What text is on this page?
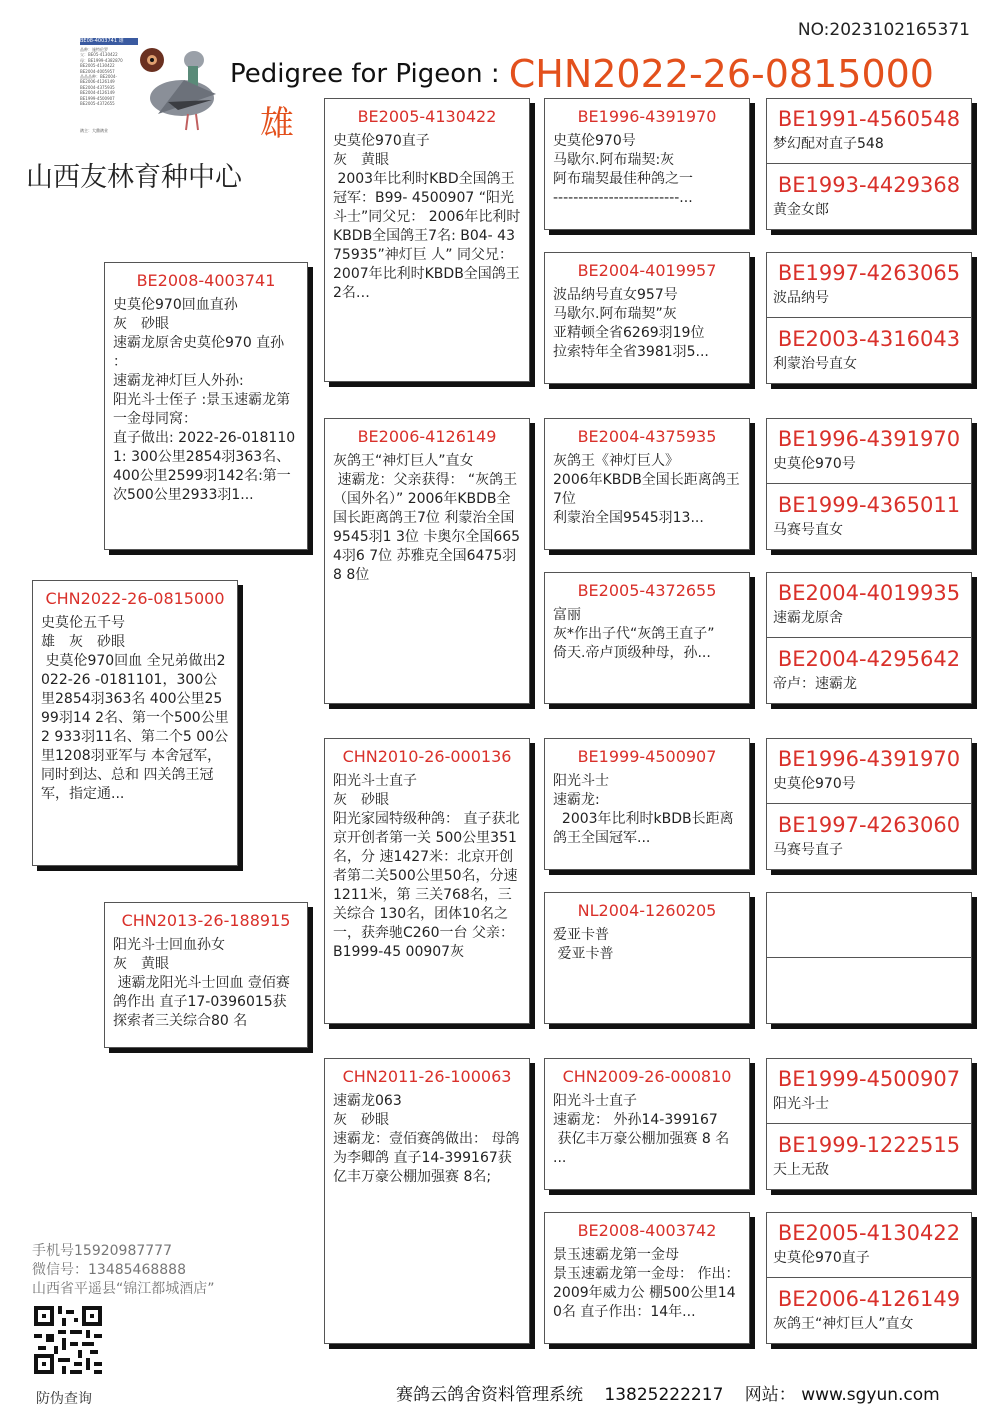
NO:2023102165371
BE08-4003741 雄
品种：施特伦罗
父：BE05-4130422
母：BE1999-4382870
BE2005-4130422
BE2004-4005957
品品品种：BE2004-
BE2006-4126149
BE2004-4375935
BE2004-4126149
BE1999-4500907
BE2005-4372655
鸽主：大鼎鸽业
Pedigree for Pigeon : CHN2022-26-0815000 雄
山西友林育种中心
CHN2022-26-0815000
史莫伦五千号
雄　灰　砂眼
史莫伦970回血 全兄弟做出2022-26 -0181101，300公里2854羽363名 400公里2599羽14 2名、第一个500公里2 933羽11名、第二个5 00公里1208羽亚军与 本舍冠军，同时到达、总和 四关鸽王冠军，指定通...
BE2008-4003741
史莫伦970回血直孙
灰　砂眼
速霸龙原舍史莫伦970 直孙
：
速霸龙神灯巨人外孙:
阳光斗士侄子 :景玉速霸龙第一金母同窝：
直子做出: 2022-26-0181101: 300公里2854羽363名、 400公里2599羽142名:第一次500公里2933羽1...
CHN2013-26-188915
阳光斗士回血孙女
灰　黄眼
速霸龙阳光斗士回血 壹佰赛鸽作出 直子17-0396015获探索者三关综合80 名
BE2005-4130422
史莫伦970直子
灰　黄眼
2003年比利时KBD全国鸽王冠军：B99- 4500907 “阳光斗士”同父兄： 2006年比利时KBDB全国鸽王7名: B04- 4375935”神灯巨 人” 同父兄： 2007年比利时KBDB全国鸽王2名…
BE2006-4126149
灰鸽王“神灯巨人”直女
速霸龙：父亲获得： “灰鸽王 （国外名）” 2006年KBDB全国长距离鸽王7位 利蒙治全国9545羽1 3位 卡奥尔全国6654羽6 7位 苏雅克全国6475羽8 8位
CHN2010-26-000136
阳光斗士直子
灰　砂眼
阳光家园特级种鸽： 直子获北京开创者第一关 500公里351名，分 速1427米：北京开创 者第二关500公里50名，分速1211米，第 三关768名，三关综合 130名，团体10名之 一，获奔驰C260一台 父亲： B1999-45 00907灰
CHN2011-26-100063
速霸龙063
灰　砂眼
速霸龙：壹佰赛鸽做出： 母鸽为李卿鸽 直子14-399167获亿丰万豪公棚加强赛 8名;
BE1996-4391970
史莫伦970号
马歇尔.阿布瑞契:灰
阿布瑞契最佳种鸽之一
-------------------------...
BE2004-4019957
波品纳号直女957号
马歇尔.阿布瑞契”灰
亚精顿全省6269羽19位
拉索特年全省3981羽5...
BE2004-4375935
灰鸽王《神灯巨人》
2006年KBDB全国长距离鸽王7位
利蒙治全国9545羽13...
BE2005-4372655
富丽
灰*作出子代“灰鸽王直子”
倚天.帝卢顶级种母，孙...
BE1999-4500907
阳光斗士
速霸龙:
2003年比利时kBDB长距离鸽王全国冠军...
NL2004-1260205
爱亚卡普
爱亚卡普
CHN2009-26-000810
阳光斗士直子
速霸龙： 外孙14-399167
获亿丰万豪公棚加强赛 8 名
...
BE2008-4003742
景玉速霸龙第一金母
景玉速霸龙第一金母： 作出：2009年威力公 棚500公里140名 直子作出：14年...
BE1991-4560548
梦幻配对直子548
BE1993-4429368
黄金女郎
BE1997-4263065
波品纳号
BE2003-4316043
利蒙治号直女
BE1996-4391970
史莫伦970号
BE1999-4365011
马赛号直女
BE2004-4019935
速霸龙原舍
BE2004-4295642
帝卢：速霸龙
BE1996-4391970
史莫伦970号
BE1997-4263060
马赛号直子
BE1999-4500907
阳光斗士
BE1999-1222515
天上无敌
BE2005-4130422
史莫伦970直子
BE2006-4126149
灰鸽王“神灯巨人”直女
手机号15920987777
微信号：13485468888
山西省平遥县“锦江都城酒店”
防伪查询	赛鸽云鸽舍资料管理系统 13825222217 网站： www.sgyun.com
